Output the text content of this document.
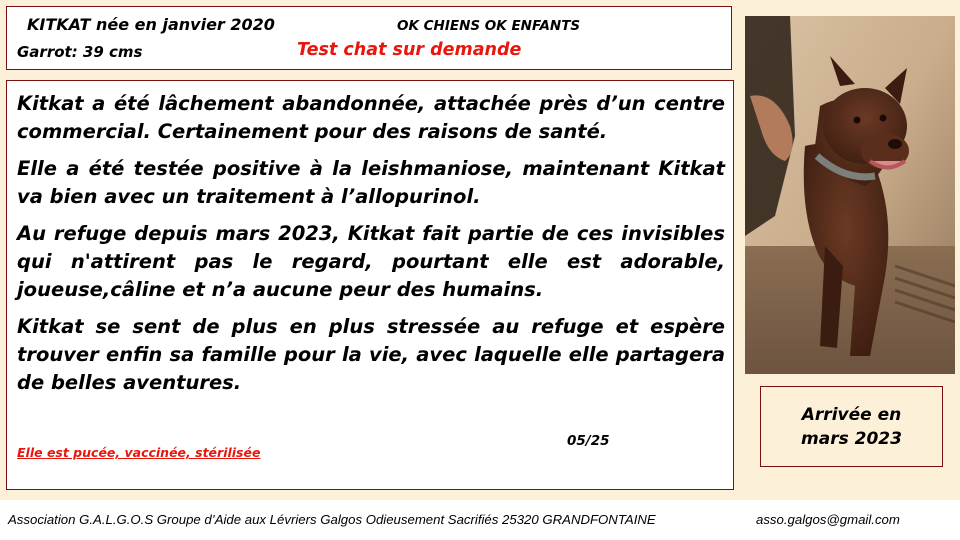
KITKAT née en janvier 2020	OK CHIENS OK ENFANTS
Garrot: 39 cms	Test chat sur demande

Kitkat a été lâchement abandonnée, attachée près d’un centre commercial. Certainement pour des raisons de santé.

Elle a été testée positive à la leishmaniose, maintenant Kitkat va bien avec un traitement à l’allopurinol.

Au refuge depuis mars 2023, Kitkat fait partie de ces invisibles qui n'attirent pas le regard, pourtant elle est adorable, joueuse,câline et n’a aucune peur des humains.

Kitkat se sent de plus en plus stressée au refuge et espère trouver enfin sa famille pour la vie, avec laquelle elle partagera de belles aventures.

05/25
Elle est pucée, vaccinée, stérilisée
Arrivée en mars 2023
Association G.A.L.G.O.S Groupe d’Aide aux Lévriers Galgos Odieusement Sacrifiés 25320 GRANDFONTAINE	asso.galgos@gmail.com
